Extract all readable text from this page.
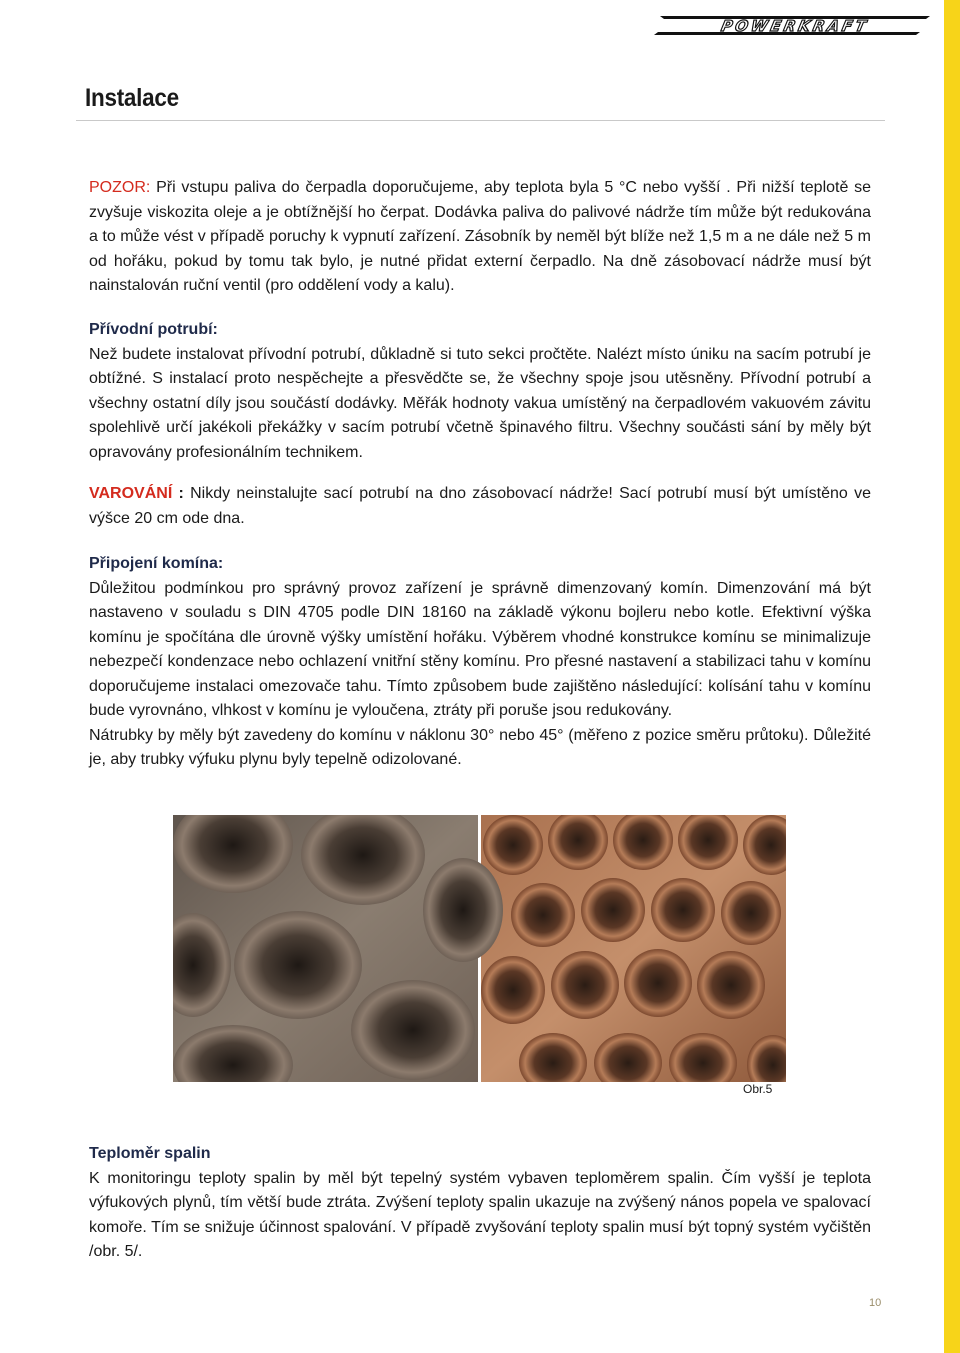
POWERKRAFT
Instalace

POZOR: Při vstupu paliva do čerpadla doporučujeme, aby teplota byla 5 °C nebo vyšší . Při nižší teplotě se zvyšuje viskozita oleje a je obtížnější ho čerpat. Dodávka paliva do palivové nádrže tím může být redukována a to může vést v případě poruchy k vypnutí zařízení. Zásobník by neměl být blíže než 1,5 m a ne dále než 5 m od hořáku, pokud by tomu tak bylo, je nutné přidat externí čerpadlo. Na dně zásobovací nádrže musí být nainstalován ruční ventil (pro oddělení vody a kalu).

Přívodní potrubí:

Než budete instalovat přívodní potrubí, důkladně si tuto sekci pročtěte. Nalézt místo úniku na sacím potrubí je obtížné. S instalací proto nespěchejte a přesvědčte se, že všechny spoje jsou utěsněny. Přívodní potrubí a všechny ostatní díly jsou součástí dodávky. Měřák hodnoty vakua umístěný na čerpadlovém vakuovém závitu spolehlivě určí jakékoli překážky v sacím potrubí včetně špinavého filtru. Všechny součásti sání by měly být opravovány profesionálním technikem.

VAROVÁNÍ : Nikdy neinstalujte sací potrubí na dno zásobovací nádrže! Sací potrubí musí být umístěno ve výšce 20 cm ode dna.

Připojení komína:

Důležitou podmínkou pro správný provoz zařízení je správně dimenzovaný komín. Dimenzování má být nastaveno v souladu s DIN 4705 podle DIN 18160 na základě výkonu bojleru nebo kotle. Efektivní výška komínu je spočítána dle úrovně výšky umístění hořáku. Výběrem vhodné konstrukce komínu se minimalizuje nebezpečí kondenzace nebo ochlazení vnitřní stěny komínu. Pro přesné nastavení a stabilizaci tahu v komínu doporučujeme instalaci omezovače tahu. Tímto způsobem bude zajištěno následující: kolísání tahu v komínu bude vyrovnáno, vlhkost v komínu je vyloučena, ztráty při poruše jsou redukovány.

Nátrubky by měly být zavedeny do komínu v náklonu 30° nebo 45° (měřeno z pozice směru průtoku). Důležité je, aby trubky výfuku plynu byly tepelně odizolované.

Obr.5

Teploměr spalin

K monitoringu teploty spalin by měl být tepelný systém vybaven teploměrem spalin. Čím vyšší je teplota výfukových plynů, tím větší bude ztráta. Zvýšení teploty spalin ukazuje na zvýšený nános popela ve spalovací komoře. Tím se snižuje účinnost spalování. V případě zvyšování teploty spalin musí být topný systém vyčištěn /obr. 5/.

10
